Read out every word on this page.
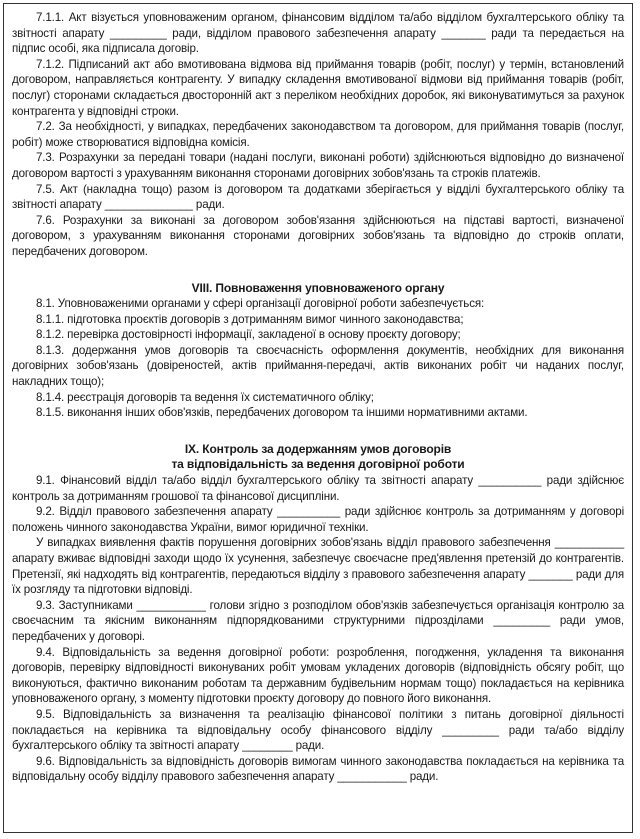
7.1.1. Акт візується уповноваженим органом, фінансовим відділом та/або відділом бухгалтерського обліку та звітності апарату _________ ради, відділом правового забезпечення апарату _______ ради та передається на підпис особі, яка підписала договір.

7.1.2. Підписаний акт або вмотивована відмова від приймання товарів (робіт, послуг) у термін, встановлений договором, направляється контрагенту. У випадку складення вмотивованої відмови від приймання товарів (робіт, послуг) сторонами складається двосторонній акт з переліком необхідних доробок, які виконуватимуться за рахунок контрагента у відповідні строки.

7.2. За необхідності, у випадках, передбачених законодавством та договором, для приймання товарів (послуг, робіт) може створюватися відповідна комісія.

7.3. Розрахунки за передані товари (надані послуги, виконані роботи) здійснюються відповідно до визначеної договором вартості з урахуванням виконання сторонами договірних зобов'язань та строків платежів.

7.5. Акт (накладна тощо) разом із договором та додатками зберігається у відділі бухгалтерського обліку та звітності апарату ______________ ради.

7.6. Розрахунки за виконані за договором зобов'язання здійснюються на підставі вартості, визначеної договором, з урахуванням виконання сторонами договірних зобов'язань та відповідно до строків оплати, передбачених договором.

VIII. Повноваження уповноваженого органу

8.1. Уповноваженими органами у сфері організації договірної роботи забезпечується:

8.1.1. підготовка проєктів договорів з дотриманням вимог чинного законодавства;

8.1.2. перевірка достовірності інформації, закладеної в основу проєкту договору;

8.1.3. додержання умов договорів та своєчасність оформлення документів, необхідних для виконання договірних зобов'язань (довіреностей, актів приймання-передачі, актів виконаних робіт чи наданих послуг, накладних тощо);

8.1.4. реєстрація договорів та ведення їх систематичного обліку;

8.1.5. виконання інших обов'язків, передбачених договором та іншими нормативними актами.

IX. Контроль за додержанням умов договорів

та відповідальність за ведення договірної роботи

9.1. Фінансовий відділ та/або відділ бухгалтерського обліку та звітності апарату __________ ради здійснює контроль за дотриманням грошової та фінансової дисципліни.

9.2. Відділ правового забезпечення апарату __________ ради здійснює контроль за дотриманням у договорі положень чинного законодавства України, вимог юридичної техніки.

У випадках виявлення фактів порушення договірних зобов'язань відділ правового забезпечення ___________ апарату вживає відповідні заходи щодо їх усунення, забезпечує своєчасне пред'явлення претензій до контрагентів. Претензії, які надходять від контрагентів, передаються відділу з правового забезпечення апарату _______ ради для їх розгляду та підготовки відповіді.

9.3. Заступниками ___________ голови згідно з розподілом обов'язків забезпечується організація контролю за своєчасним та якісним виконанням підпорядкованими структурними підрозділами _________ ради умов, передбачених у договорі.

9.4. Відповідальність за ведення договірної роботи: розроблення, погодження, укладення та виконання договорів, перевірку відповідності виконуваних робіт умовам укладених договорів (відповідність обсягу робіт, що виконуються, фактично виконаним роботам та державним будівельним нормам тощо) покладається на керівника уповноваженого органу, з моменту підготовки проєкту договору до повного його виконання.

9.5. Відповідальність за визначення та реалізацію фінансової політики з питань договірної діяльності покладається на керівника та відповідальну особу фінансового відділу _________ ради та/або відділу бухгалтерського обліку та звітності апарату ________ ради.

9.6. Відповідальність за відповідність договорів вимогам чинного законодавства покладається на керівника та відповідальну особу відділу правового забезпечення апарату ___________ ради.
